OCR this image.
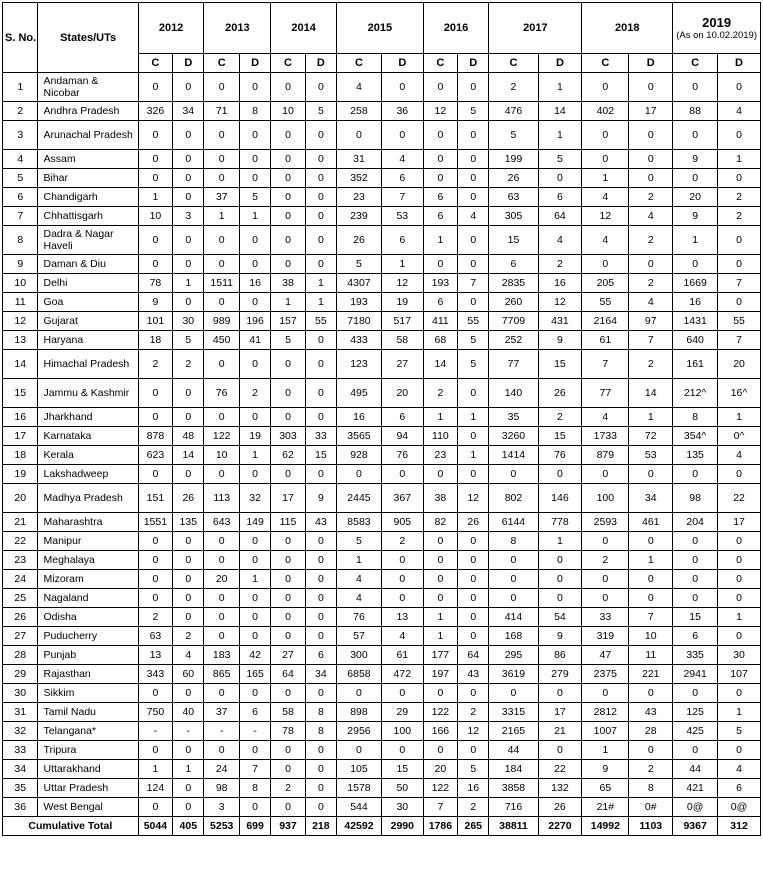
S. No.	States/UTs	2012		2013		2014		2015		2016		2017		2018		2019
(As on 10.02.2019)	

		C	D	C	D	C	D	C	D	C	D	C	D	C	D	C	D
1	Andaman & Nicobar	0	0	0	0	0	0	4	0	0	0	2	1	0	0	0	0
2	Andhra Pradesh	326	34	71	8	10	5	258	36	12	5	476	14	402	17	88	4
3	Arunachal Pradesh	0	0	0	0	0	0	0	0	0	0	5	1	0	0	0	0
4	Assam	0	0	0	0	0	0	31	4	0	0	199	5	0	0	9	1
5	Bihar	0	0	0	0	0	0	352	6	0	0	26	0	1	0	0	0
6	Chandigarh	1	0	37	5	0	0	23	7	6	0	63	6	4	2	20	2
7	Chhattisgarh	10	3	1	1	0	0	239	53	6	4	305	64	12	4	9	2
8	Dadra & Nagar Haveli	0	0	0	0	0	0	26	6	1	0	15	4	4	2	1	0
9	Daman & Diu	0	0	0	0	0	0	5	1	0	0	6	2	0	0	0	0
10	Delhi	78	1	1511	16	38	1	4307	12	193	7	2835	16	205	2	1669	7
11	Goa	9	0	0	0	1	1	193	19	6	0	260	12	55	4	16	0
12	Gujarat	101	30	989	196	157	55	7180	517	411	55	7709	431	2164	97	1431	55
13	Haryana	18	5	450	41	5	0	433	58	68	5	252	9	61	7	640	7
14	Himachal Pradesh	2	2	0	0	0	0	123	27	14	5	77	15	7	2	161	20
15	Jammu & Kashmir	0	0	76	2	0	0	495	20	2	0	140	26	77	14	212^	16^
16	Jharkhand	0	0	0	0	0	0	16	6	1	1	35	2	4	1	8	1
17	Karnataka	878	48	122	19	303	33	3565	94	110	0	3260	15	1733	72	354^	0^
18	Kerala	623	14	10	1	62	15	928	76	23	1	1414	76	879	53	135	4
19	Lakshadweep	0	0	0	0	0	0	0	0	0	0	0	0	0	0	0	0
20	Madhya Pradesh	151	26	113	32	17	9	2445	367	38	12	802	146	100	34	98	22
21	Maharashtra	1551	135	643	149	115	43	8583	905	82	26	6144	778	2593	461	204	17
22	Manipur	0	0	0	0	0	0	5	2	0	0	8	1	0	0	0	0
23	Meghalaya	0	0	0	0	0	0	1	0	0	0	0	0	2	1	0	0
24	Mizoram	0	0	20	1	0	0	4	0	0	0	0	0	0	0	0	0
25	Nagaland	0	0	0	0	0	0	4	0	0	0	0	0	0	0	0	0
26	Odisha	2	0	0	0	0	0	76	13	1	0	414	54	33	7	15	1
27	Puducherry	63	2	0	0	0	0	57	4	1	0	168	9	319	10	6	0
28	Punjab	13	4	183	42	27	6	300	61	177	64	295	86	47	11	335	30
29	Rajasthan	343	60	865	165	64	34	6858	472	197	43	3619	279	2375	221	2941	107
30	Sikkim	0	0	0	0	0	0	0	0	0	0	0	0	0	0	0	0
31	Tamil Nadu	750	40	37	6	58	8	898	29	122	2	3315	17	2812	43	125	1
32	Telangana*	-	-	-	-	78	8	2956	100	166	12	2165	21	1007	28	425	5
33	Tripura	0	0	0	0	0	0	0	0	0	0	44	0	1	0	0	0
34	Uttarakhand	1	1	24	7	0	0	105	15	20	5	184	22	9	2	44	4
35	Uttar Pradesh	124	0	98	8	2	0	1578	50	122	16	3858	132	65	8	421	6
36	West Bengal	0	0	3	0	0	0	544	30	7	2	716	26	21#	0#	0@	0@
Cumulative Total		5044	405	5253	699	937	218	42592	2990	1786	265	38811	2270	14992	1103	9367	312
